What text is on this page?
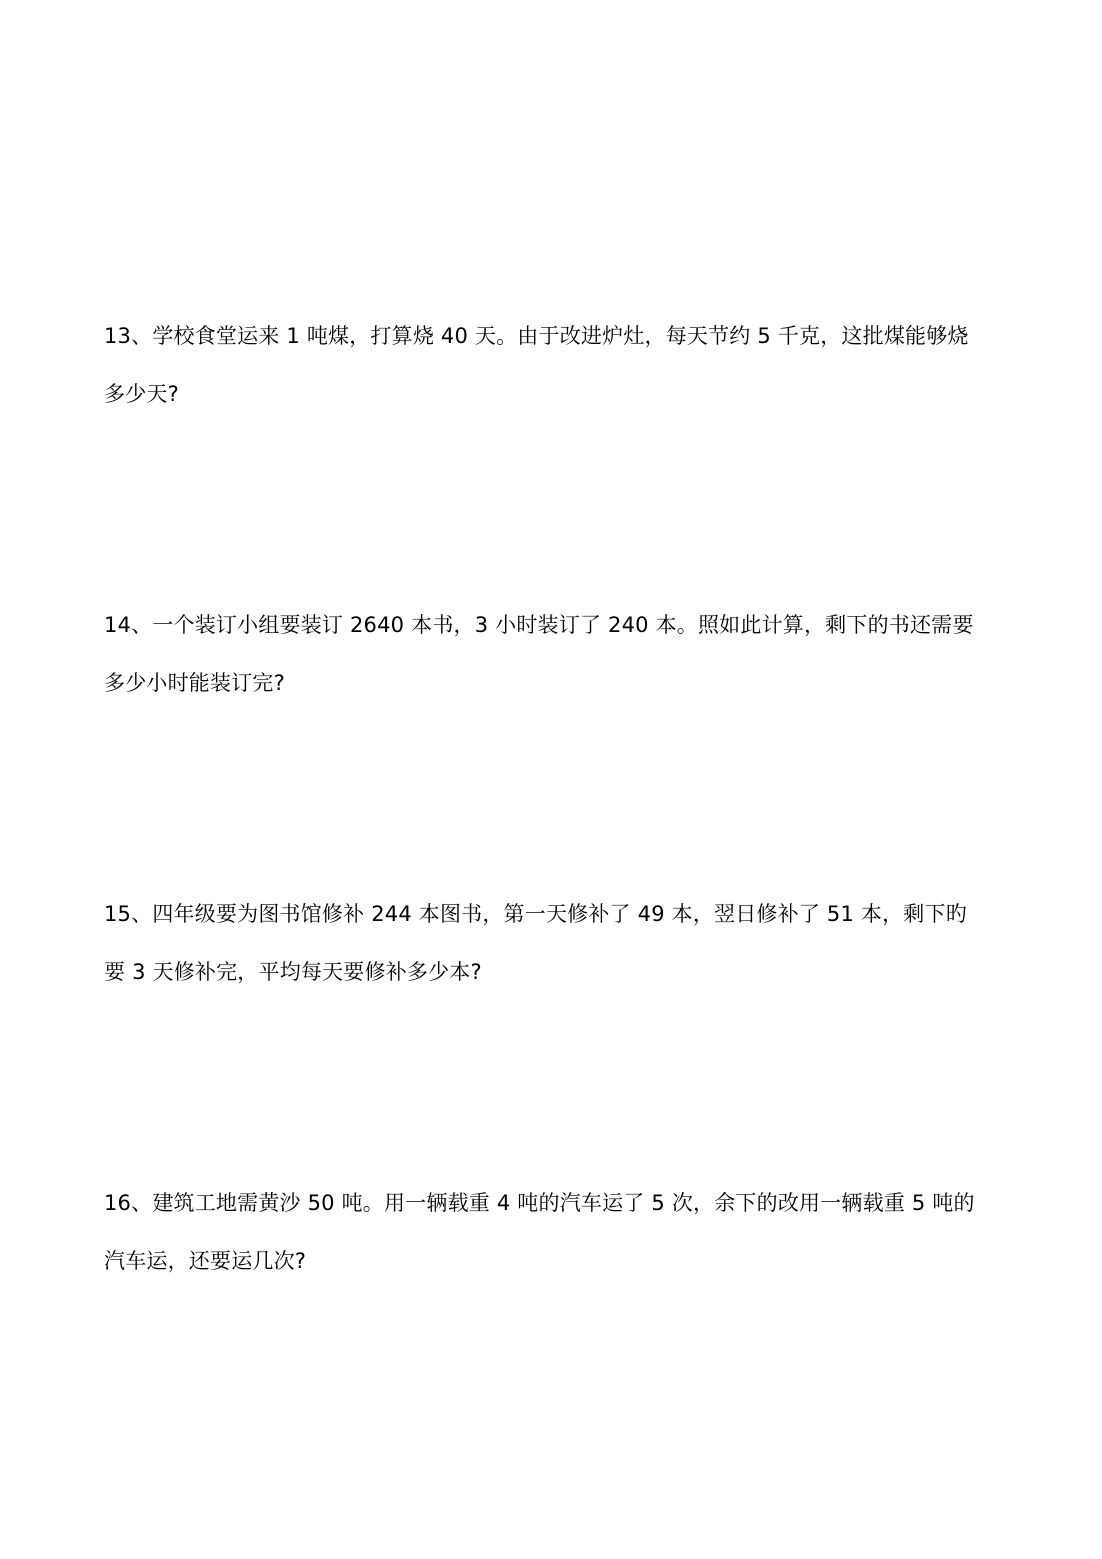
13、学校食堂运来 1 吨煤，打算烧 40 天。由于改进炉灶，每天节约 5 千克，这批煤能够烧
多少天?
14、一个装订小组要装订 2640 本书，3 小时装订了 240 本。照如此计算，剩下的书还需要
多少小时能装订完?
15、四年级要为图书馆修补 244 本图书，第一天修补了 49 本，翌日修补了 51 本，剩下旳
要 3 天修补完，平均每天要修补多少本?
16、建筑工地需黄沙 50 吨。用一辆载重 4 吨的汽车运了 5 次，余下的改用一辆载重 5 吨的
汽车运，还要运几次?
